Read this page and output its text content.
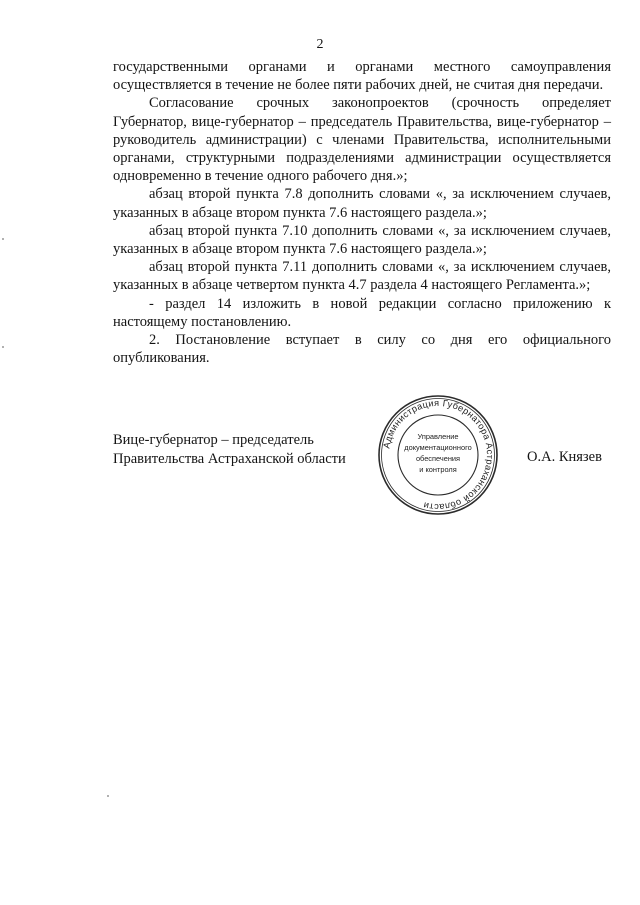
2

государственными органами и органами местного самоуправления осуществляется в течение не более пяти рабочих дней, не считая дня передачи.

Согласование срочных законопроектов (срочность определяет Губернатор, вице-губернатор – председатель Правительства, вице-губернатор – руководитель администрации) с членами Правительства, исполнительными органами, структурными подразделениями администрации осуществляется одновременно в течение одного рабочего дня.»;

абзац второй пункта 7.8 дополнить словами «, за исключением случаев, указанных в абзаце втором пункта 7.6 настоящего раздела.»;

абзац второй пункта 7.10 дополнить словами «, за исключением случаев, указанных в абзаце втором пункта 7.6 настоящего раздела.»;

абзац второй пункта 7.11 дополнить словами «, за исключением случаев, указанных в абзаце четвертом пункта 4.7 раздела 4 настоящего Регламента.»;

- раздел 14 изложить в новой редакции согласно приложению к настоящему постановлению.

2. Постановление вступает в силу со дня его официального опубликования.

Вице-губернатор – председатель
Правительства Астраханской области
Администрация Губернатора Астраханской области
Управление
документационного
обеспечения
и контроля
О.А. Князев
